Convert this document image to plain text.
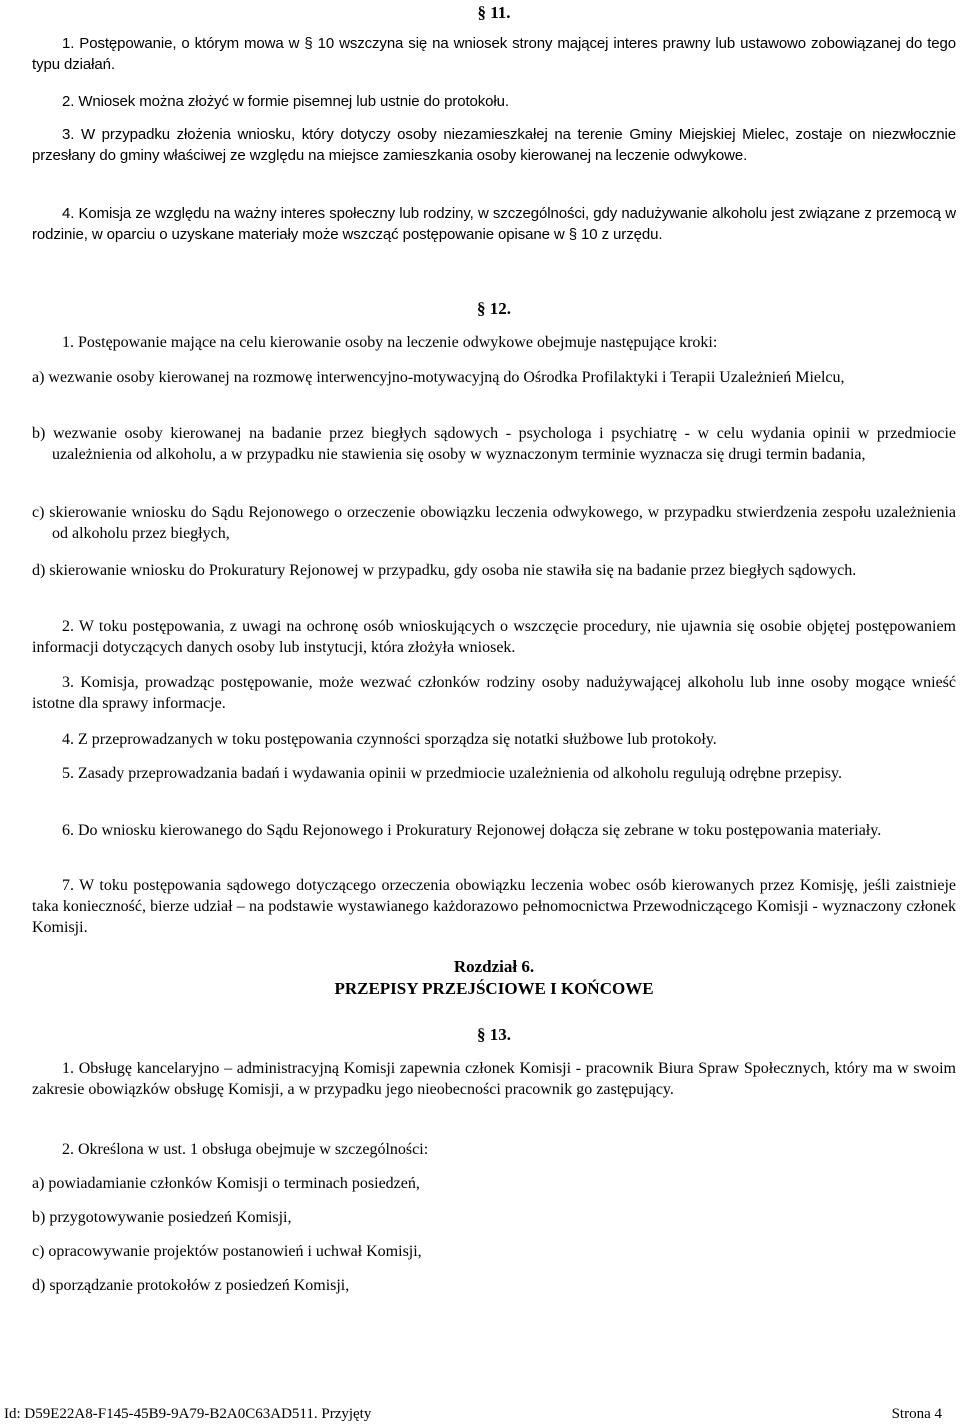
§ 11.
1. Postępowanie, o którym mowa w § 10 wszczyna się na wniosek strony mającej interes prawny lub ustawowo zobowiązanej do tego typu działań.
2. Wniosek można złożyć w formie pisemnej lub ustnie do protokołu.
3. W przypadku złożenia wniosku, który dotyczy osoby niezamieszkałej na terenie Gminy Miejskiej Mielec, zostaje on niezwłocznie przesłany do gminy właściwej ze względu na miejsce zamieszkania osoby kierowanej na leczenie odwykowe.
4. Komisja ze względu na ważny interes społeczny lub rodziny, w szczególności, gdy nadużywanie alkoholu jest związane z przemocą w rodzinie, w oparciu o uzyskane materiały może wszcząć postępowanie opisane w § 10 z urzędu.
§ 12.
1. Postępowanie mające na celu kierowanie osoby na leczenie odwykowe obejmuje następujące kroki:
a) wezwanie osoby kierowanej na rozmowę interwencyjno-motywacyjną do Ośrodka Profilaktyki i Terapii Uzależnień Mielcu,
b) wezwanie osoby kierowanej na badanie przez biegłych sądowych - psychologa i psychiatrę - w celu wydania opinii w przedmiocie uzależnienia od alkoholu, a w przypadku nie stawienia się osoby w wyznaczonym terminie wyznacza się drugi termin badania,
c) skierowanie wniosku do Sądu Rejonowego o orzeczenie obowiązku leczenia odwykowego, w przypadku stwierdzenia zespołu uzależnienia od alkoholu przez biegłych,
d) skierowanie wniosku do Prokuratury Rejonowej w przypadku, gdy osoba nie stawiła się na badanie przez biegłych sądowych.
2. W toku postępowania, z uwagi na ochronę osób wnioskujących o wszczęcie procedury, nie ujawnia się osobie objętej postępowaniem informacji dotyczących danych osoby lub instytucji, która złożyła wniosek.
3. Komisja, prowadząc postępowanie, może wezwać członków rodziny osoby nadużywającej alkoholu lub inne osoby mogące wnieść istotne dla sprawy informacje.
4. Z przeprowadzanych w toku postępowania czynności sporządza się notatki służbowe lub protokoły.
5. Zasady przeprowadzania badań i wydawania opinii w przedmiocie uzależnienia od alkoholu regulują odrębne przepisy.
6. Do wniosku kierowanego do Sądu Rejonowego i Prokuratury Rejonowej dołącza się zebrane w toku postępowania materiały.
7. W toku postępowania sądowego dotyczącego orzeczenia obowiązku leczenia wobec osób kierowanych przez Komisję, jeśli zaistnieje taka konieczność, bierze udział – na podstawie wystawianego każdorazowo pełnomocnictwa Przewodniczącego Komisji - wyznaczony członek Komisji.
Rozdział 6.
PRZEPISY PRZEJŚCIOWE I KOŃCOWE
§ 13.
1. Obsługę kancelaryjno – administracyjną Komisji zapewnia członek Komisji - pracownik Biura Spraw Społecznych, który ma w swoim zakresie obowiązków obsługę Komisji, a w przypadku jego nieobecności pracownik go zastępujący.
2. Określona w ust. 1 obsługa obejmuje w szczególności:
a) powiadamianie członków Komisji o terminach posiedzeń,
b) przygotowywanie posiedzeń Komisji,
c) opracowywanie projektów postanowień i uchwał Komisji,
d) sporządzanie protokołów z posiedzeń Komisji,
Id: D59E22A8-F145-45B9-9A79-B2A0C63AD511. Przyjęty	Strona 4
